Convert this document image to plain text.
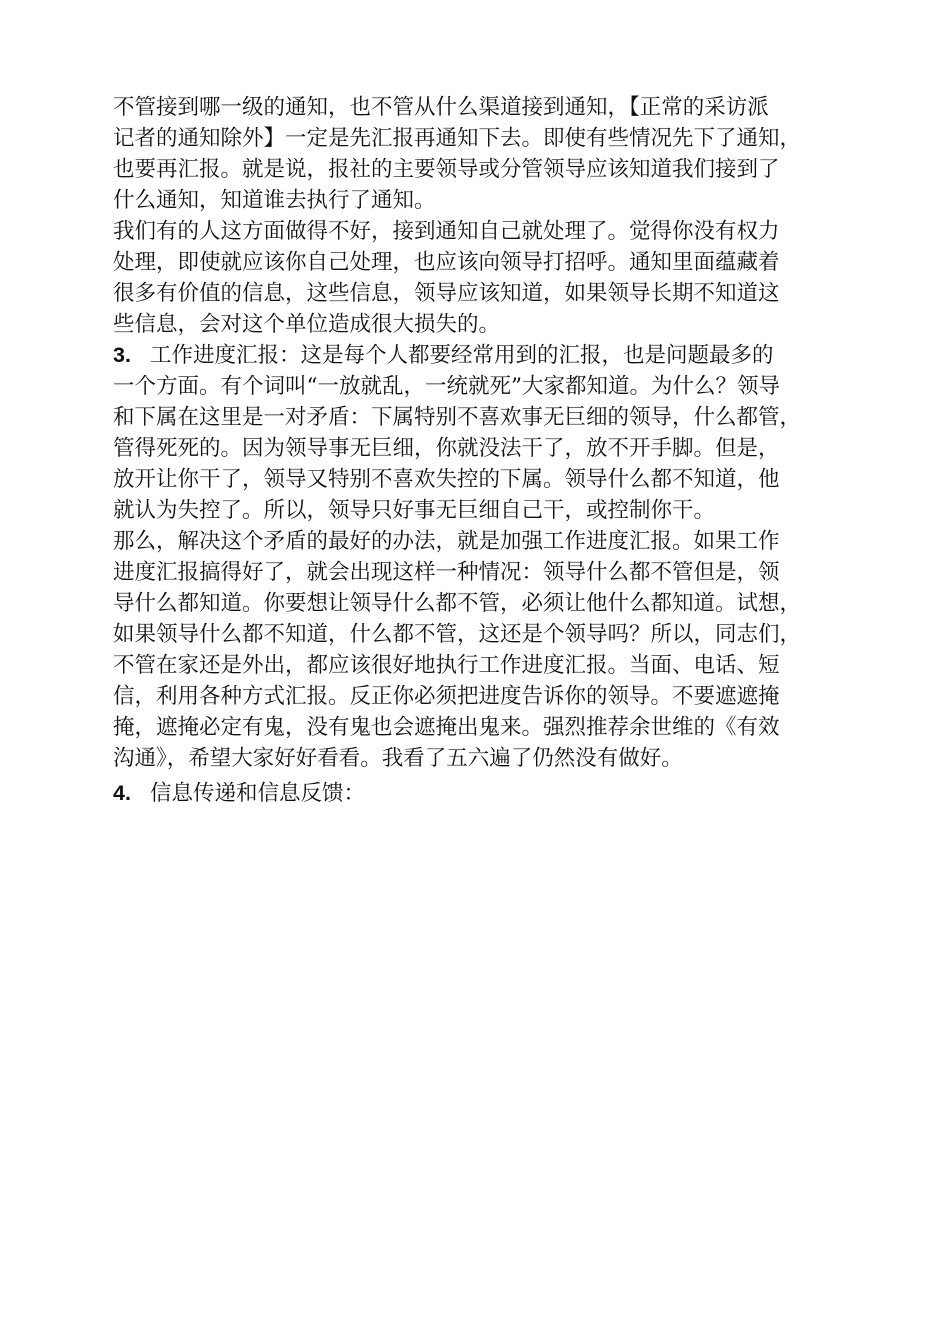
不管接到哪一级的通知，也不管从什么渠道接到通知，【正常的采访派
记者的通知除外】一定是先汇报再通知下去。即使有些情况先下了通知，
也要再汇报。就是说，报社的主要领导或分管领导应该知道我们接到了
什么通知，知道谁去执行了通知。
我们有的人这方面做得不好，接到通知自己就处理了。觉得你没有权力
处理，即使就应该你自己处理，也应该向领导打招呼。通知里面蕴藏着
很多有价值的信息，这些信息，领导应该知道，如果领导长期不知道这
些信息，会对这个单位造成很大损失的。
3. 工作进度汇报：这是每个人都要经常用到的汇报，也是问题最多的
一个方面。有个词叫“一放就乱，一统就死”大家都知道。为什么？领导
和下属在这里是一对矛盾：下属特别不喜欢事无巨细的领导，什么都管，
管得死死的。因为领导事无巨细，你就没法干了，放不开手脚。但是，
放开让你干了，领导又特别不喜欢失控的下属。领导什么都不知道，他
就认为失控了。所以，领导只好事无巨细自己干，或控制你干。
那么，解决这个矛盾的最好的办法，就是加强工作进度汇报。如果工作
进度汇报搞得好了，就会出现这样一种情况：领导什么都不管但是，领
导什么都知道。你要想让领导什么都不管，必须让他什么都知道。试想，
如果领导什么都不知道，什么都不管，这还是个领导吗？所以，同志们，
不管在家还是外出，都应该很好地执行工作进度汇报。当面、电话、短
信，利用各种方式汇报。反正你必须把进度告诉你的领导。不要遮遮掩
掩，遮掩必定有鬼，没有鬼也会遮掩出鬼来。强烈推荐余世维的《有效
沟通》，希望大家好好看看。我看了五六遍了仍然没有做好。
4. 信息传递和信息反馈：
